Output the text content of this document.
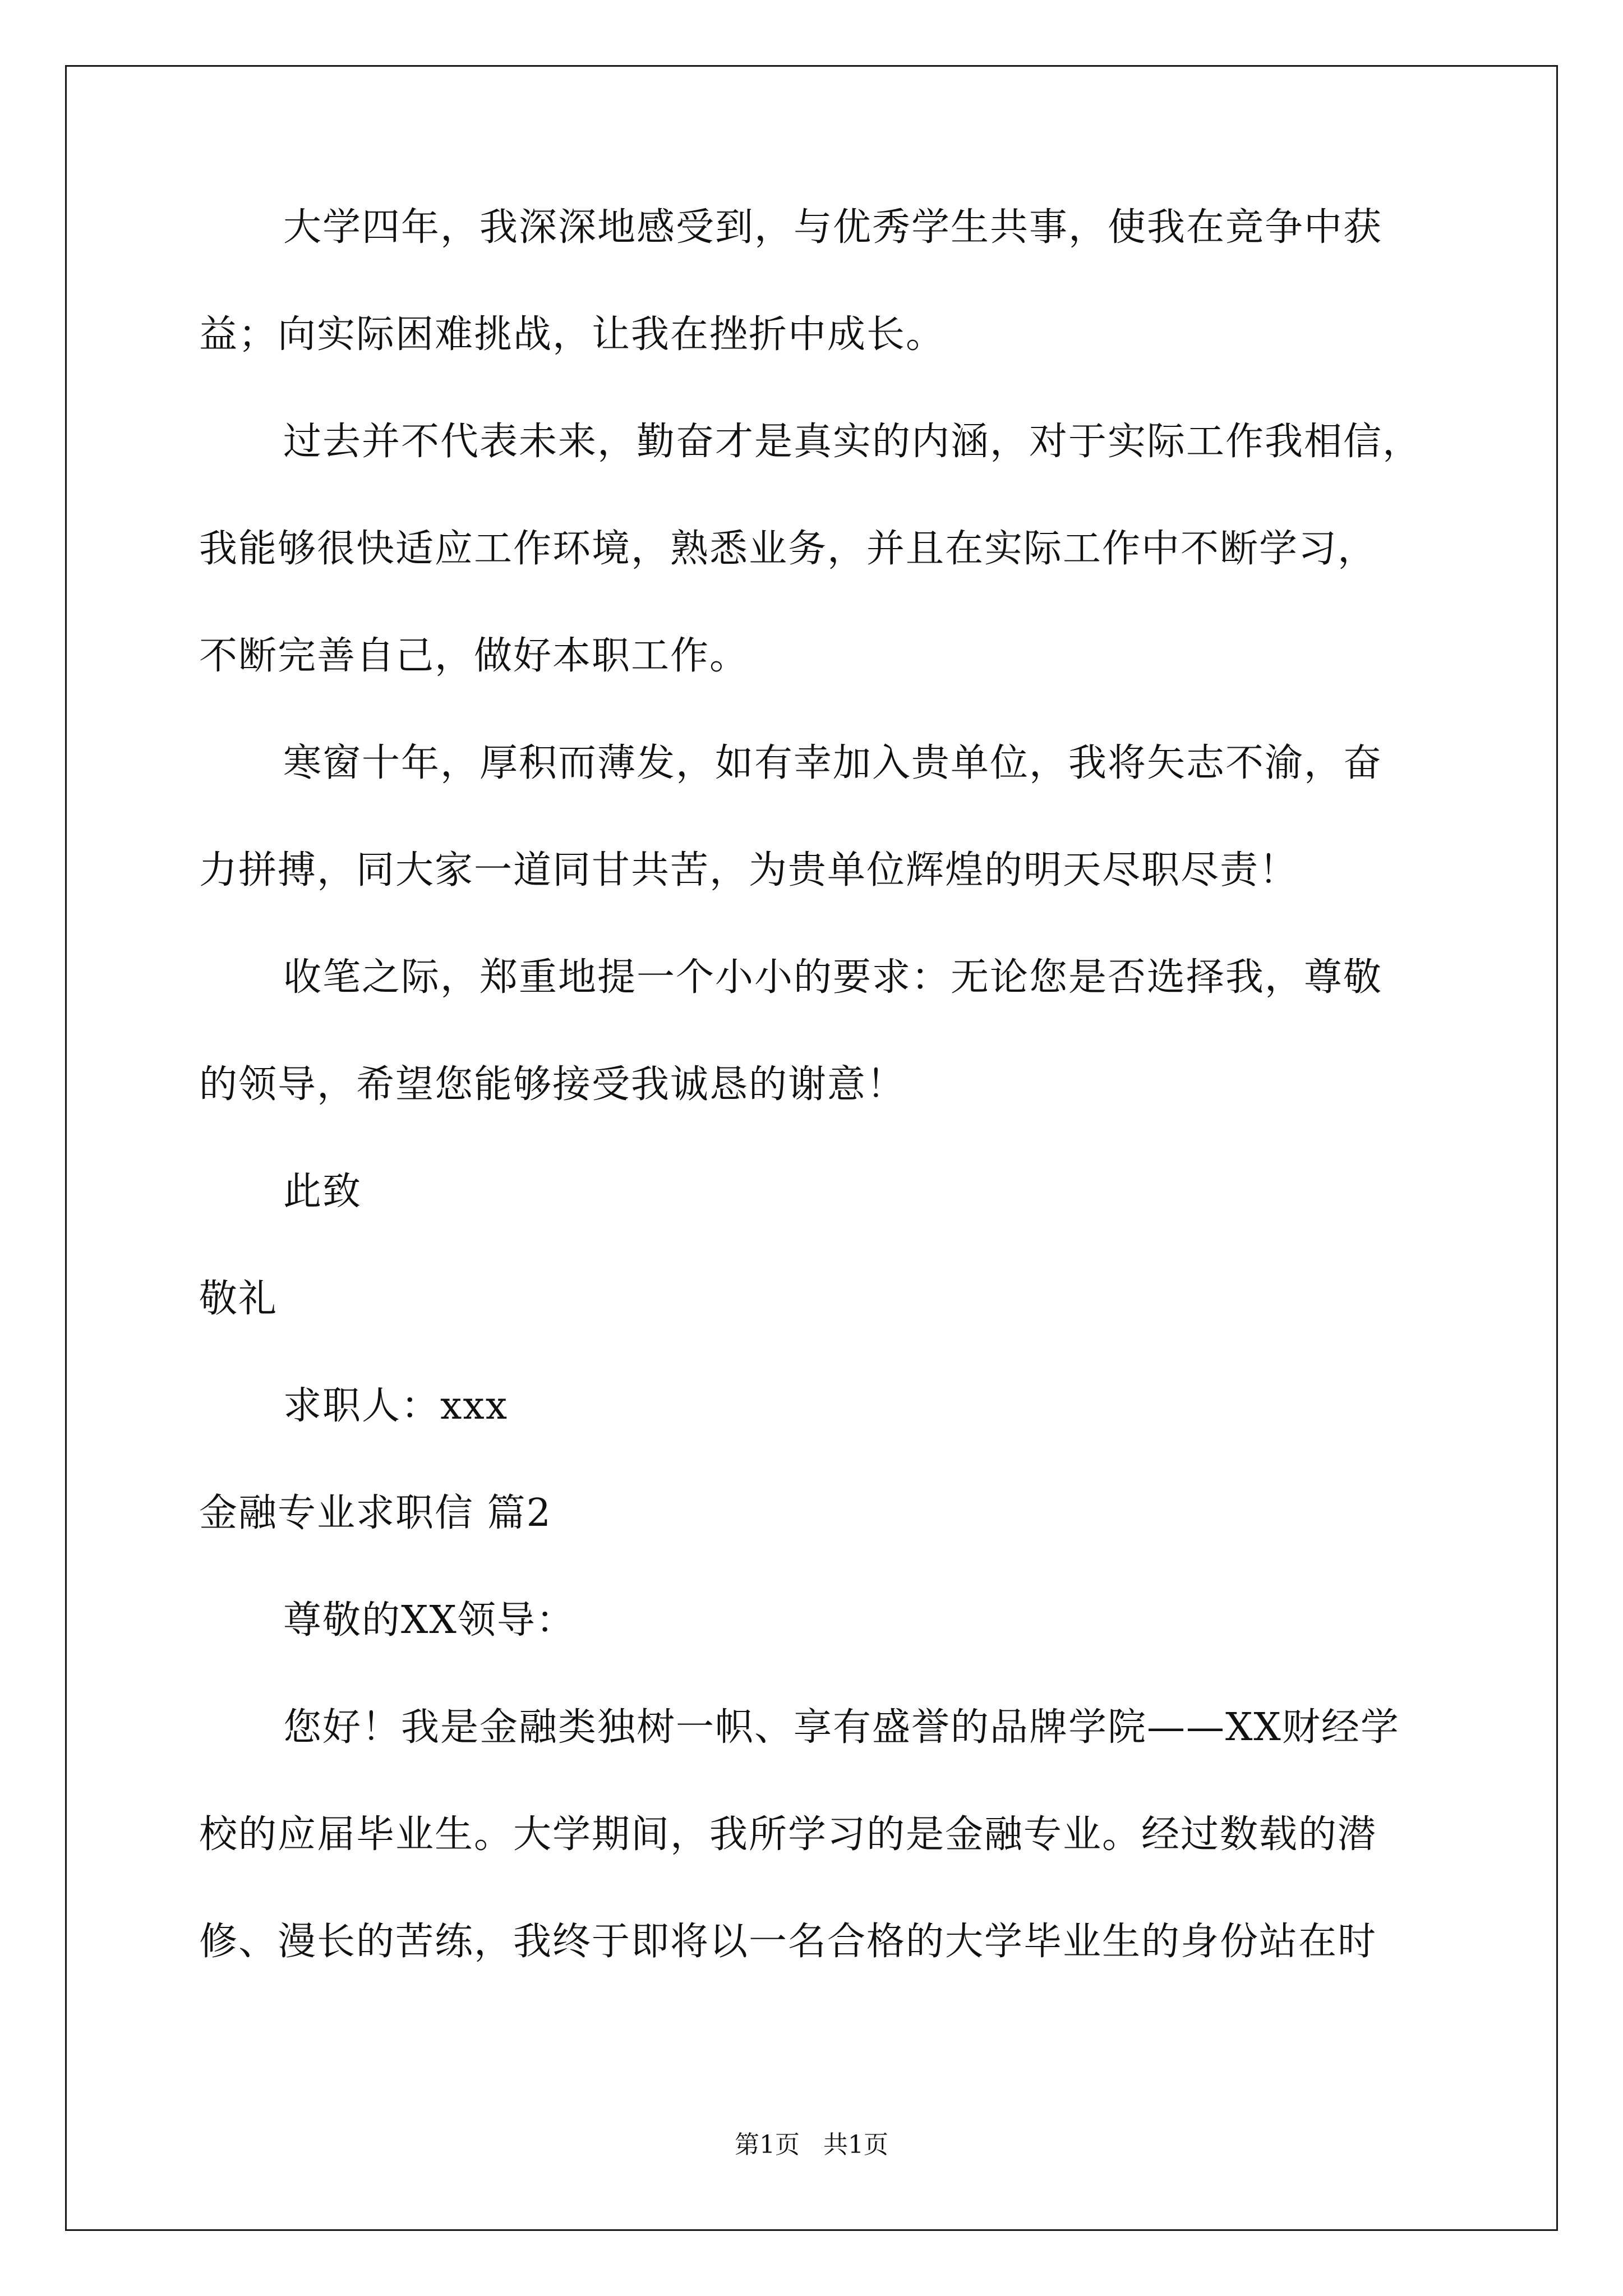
大学四年，我深深地感受到，与优秀学生共事，使我在竞争中获
益；向实际困难挑战，让我在挫折中成长。
过去并不代表未来，勤奋才是真实的内涵，对于实际工作我相信，
我能够很快适应工作环境，熟悉业务，并且在实际工作中不断学习，
不断完善自己，做好本职工作。
寒窗十年，厚积而薄发，如有幸加入贵单位，我将矢志不渝，奋
力拼搏，同大家一道同甘共苦，为贵单位辉煌的明天尽职尽责！
收笔之际，郑重地提一个小小的要求：无论您是否选择我，尊敬
的领导，希望您能够接受我诚恳的谢意！
此致
敬礼
求职人：xxx
金融专业求职信 篇2
尊敬的XX领导：
您好！我是金融类独树一帜、享有盛誉的品牌学院——XX财经学
校的应届毕业生。大学期间，我所学习的是金融专业。经过数载的潜
修、漫长的苦练，我终于即将以一名合格的大学毕业生的身份站在时
第1页   共1页
